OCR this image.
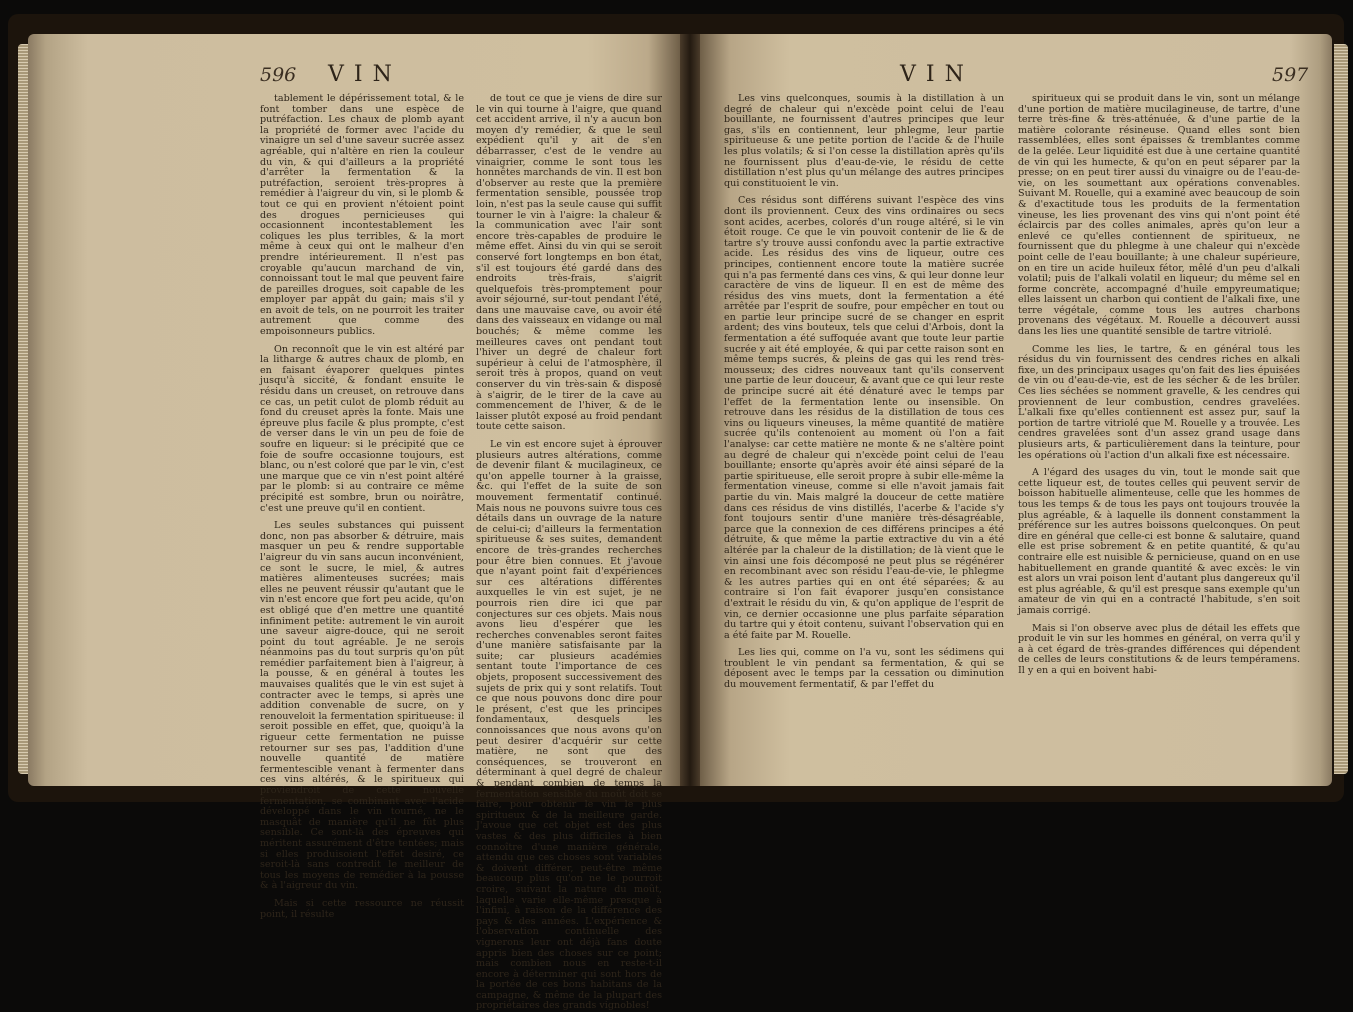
596 VIN

tablement le dépérissement total, & le font tomber dans une espèce de putréfaction. Les chaux de plomb ayant la propriété de former avec l'acide du vinaigre un sel d'une saveur sucrée assez agréable, qui n'altère en rien la couleur du vin, & qui d'ailleurs a la propriété d'arrêter la fermentation & la putréfaction, seroient très-propres à remédier à l'aigreur du vin, si le plomb & tout ce qui en provient n'étoient point des drogues pernicieuses qui occasionnent incontestablement les coliques les plus terribles, & la mort même à ceux qui ont le malheur d'en prendre intérieurement. Il n'est pas croyable qu'aucun marchand de vin, connoissant tout le mal que peuvent faire de pareilles drogues, soit capable de les employer par appât du gain; mais s'il y en avoit de tels, on ne pourroit les traiter autrement que comme des empoisonneurs publics.

On reconnoît que le vin est altéré par la litharge & autres chaux de plomb, en en faisant évaporer quelques pintes jusqu'à siccité, & fondant ensuite le résidu dans un creuset, on retrouve dans ce cas, un petit culot de plomb réduit au fond du creuset après la fonte. Mais une épreuve plus facile & plus prompte, c'est de verser dans le vin un peu de foie de soufre en liqueur: si le précipité que ce foie de soufre occasionne toujours, est blanc, ou n'est coloré que par le vin, c'est une marque que ce vin n'est point altéré par le plomb: si au contraire ce même précipité est sombre, brun ou noirâtre, c'est une preuve qu'il en contient.

Les seules substances qui puissent donc, non pas absorber & détruire, mais masquer un peu & rendre supportable l'aigreur du vin sans aucun inconvénient, ce sont le sucre, le miel, & autres matières alimenteuses sucrées; mais elles ne peuvent réussir qu'autant que le vin n'est encore que fort peu acide, qu'on est obligé que d'en mettre une quantité infiniment petite: autrement le vin auroit une saveur aigre-douce, qui ne seroit point du tout agréable. Je ne serois néanmoins pas du tout surpris qu'on pût remédier parfaitement bien à l'aigreur, à la pousse, & en général à toutes les mauvaises qualités que le vin est sujet à contracter avec le temps, si après une addition convenable de sucre, on y renouveloit la fermentation spiritueuse: il seroit possible en effet, que, quoiqu'à la rigueur cette fermentation ne puisse retourner sur ses pas, l'addition d'une nouvelle quantité de matière fermentescible venant à fermenter dans ces vins altérés, & le spiritueux qui proviendroit de cette nouvelle fermentation, se combinant avec l'acide développé dans le vin tourné, ne le masquât de manière qu'il ne fût plus sensible. Ce sont-là des épreuves qui méritent assurément d'être tentées; mais si elles produisoient l'effet desiré, ce seroit-là sans contredit le meilleur de tous les moyens de remédier à la pousse & à l'aigreur du vin.

Mais si cette ressource ne réussit point, il résulte

de tout ce que je viens de dire sur le vin qui tourne à l'aigre, que quand cet accident arrive, il n'y a aucun bon moyen d'y remédier, & que le seul expédient qu'il y ait de s'en débarrasser, c'est de le vendre au vinaigrier, comme le sont tous les honnêtes marchands de vin. Il est bon d'observer au reste que la première fermentation sensible, poussée trop loin, n'est pas la seule cause qui suffit tourner le vin à l'aigre: la chaleur & la communication avec l'air sont encore très-capables de produire le même effet. Ainsi du vin qui se seroit conservé fort longtemps en bon état, s'il est toujours été gardé dans des endroits très-frais, s'aigrit quelquefois très-promptement pour avoir séjourné, sur-tout pendant l'été, dans une mauvaise cave, ou avoir été dans des vaisseaux en vidange ou mal bouchés; & même comme les meilleures caves ont pendant tout l'hiver un degré de chaleur fort supérieur à celui de l'atmosphère, il seroit très à propos, quand on veut conserver du vin très-sain & disposé à s'aigrir, de le tirer de la cave au commencement de l'hiver, & de le laisser plutôt exposé au froid pendant toute cette saison.

Le vin est encore sujet à éprouver plusieurs autres altérations, comme de devenir filant & mucilagineux, ce qu'on appelle tourner à la graisse, &c. qui l'effet de la suite de son mouvement fermentatif continué. Mais nous ne pouvons suivre tous ces détails dans un ouvrage de la nature de celui-ci; d'ailleurs la fermentation spiritueuse & ses suites, demandent encore de très-grandes recherches pour être bien connues. Et j'avoue que n'ayant point fait d'expériences sur ces altérations différentes auxquelles le vin est sujet, je ne pourrois rien dire ici que par conjectures sur ces objets. Mais nous avons lieu d'espérer que les recherches convenables seront faites d'une manière satisfaisante par la suite; car plusieurs académies sentant toute l'importance de ces objets, proposent successivement des sujets de prix qui y sont relatifs. Tout ce que nous pouvons donc dire pour le présent, c'est que les principes fondamentaux, desquels les connoissances que nous avons qu'on peut desirer d'acquérir sur cette matière, ne sont que des conséquences, se trouveront en déterminant à quel degré de chaleur & pendant combien de temps la fermentation sensible du moût doit se faire, pour obtenir le vin le plus spiritueux & de la meilleure garde. J'avoue que cet objet est des plus vastes & des plus difficiles à bien connoître d'une manière générale, attendu que ces choses sont variables & doivent différer, peut-être même beaucoup plus qu'on ne le pourroit croire, suivant la nature du moût, laquelle varie elle-même presque à l'infini, à raison de la différence des pays & des années. L'expérience & l'observation continuelle des vignerons leur ont déjà fans doute appris bien des choses sur ce point; mais combien nous en reste-t-il encore à déterminer qui sont hors de la portée de ces bons habitans de la campagne, & même de la plupart des propriétaires des grands vignobles!

VIN	597

Les vins quelconques, soumis à la distillation à un degré de chaleur qui n'excède point celui de l'eau bouillante, ne fournissent d'autres principes que leur gas, s'ils en contiennent, leur phlegme, leur partie spiritueuse & une petite portion de l'acide & de l'huile les plus volatils; & si l'on cesse la distillation après qu'ils ne fournissent plus d'eau-de-vie, le résidu de cette distillation n'est plus qu'un mélange des autres principes qui constituoient le vin.

Ces résidus sont différens suivant l'espèce des vins dont ils proviennent. Ceux des vins ordinaires ou secs sont acides, acerbes, colorés d'un rouge altéré, si le vin étoit rouge. Ce que le vin pouvoit contenir de lie & de tartre s'y trouve aussi confondu avec la partie extractive acide. Les résidus des vins de liqueur, outre ces principes, contiennent encore toute la matière sucrée qui n'a pas fermenté dans ces vins, & qui leur donne leur caractère de vins de liqueur. Il en est de même des résidus des vins muets, dont la fermentation a été arrêtée par l'esprit de soufre, pour empêcher en tout ou en partie leur principe sucré de se changer en esprit ardent; des vins bouteux, tels que celui d'Arbois, dont la fermentation a été suffoquée avant que toute leur partie sucrée y ait été employée, & qui par cette raison sont en même temps sucrés, & pleins de gas qui les rend très-mousseux; des cidres nouveaux tant qu'ils conservent une partie de leur douceur, & avant que ce qui leur reste de principe sucré ait été dénaturé avec le temps par l'effet de la fermentation lente ou insensible. On retrouve dans les résidus de la distillation de tous ces vins ou liqueurs vineuses, la même quantité de matière sucrée qu'ils contenoient au moment où l'on a fait l'analyse: car cette matière ne monte & ne s'altère point au degré de chaleur qui n'excède point celui de l'eau bouillante; ensorte qu'après avoir été ainsi séparé de la partie spiritueuse, elle seroit propre à subir elle-même la fermentation vineuse, comme si elle n'avoit jamais fait partie du vin. Mais malgré la douceur de cette matière dans ces résidus de vins distillés, l'acerbe & l'acide s'y font toujours sentir d'une manière très-désagréable, parce que la connexion de ces différens principes a été détruite, & que même la partie extractive du vin a été altérée par la chaleur de la distillation; de là vient que le vin ainsi une fois décomposé ne peut plus se régénérer en recombinant avec son résidu l'eau-de-vie, le phlegme & les autres parties qui en ont été séparées; & au contraire si l'on fait évaporer jusqu'en consistance d'extrait le résidu du vin, & qu'on applique de l'esprit de vin, ce dernier occasionne une plus parfaite séparation du tartre qui y étoit contenu, suivant l'observation qui en a été faite par M. Rouelle.

Les lies qui, comme on l'a vu, sont les sédimens qui troublent le vin pendant sa fermentation, & qui se déposent avec le temps par la cessation ou diminution du mouvement fermentatif, & par l'effet du

spiritueux qui se produit dans le vin, sont un mélange d'une portion de matière mucilagineuse, de tartre, d'une terre très-fine & très-atténuée, & d'une partie de la matière colorante résineuse. Quand elles sont bien rassemblées, elles sont épaisses & tremblantes comme de la gelée. Leur liquidité est due à une certaine quantité de vin qui les humecte, & qu'on en peut séparer par la presse; on en peut tirer aussi du vinaigre ou de l'eau-de-vie, on les soumettant aux opérations convenables. Suivant M. Rouelle, qui a examiné avec beaucoup de soin & d'exactitude tous les produits de la fermentation vineuse, les lies provenant des vins qui n'ont point été éclaircis par des colles animales, après qu'on leur a enlevé ce qu'elles contiennent de spiritueux, ne fournissent que du phlegme à une chaleur qui n'excède point celle de l'eau bouillante; à une chaleur supérieure, on en tire un acide huileux fétor, mêlé d'un peu d'alkali volatil; puis de l'alkali volatil en liqueur; du même sel en forme concrète, accompagné d'huile empyreumatique; elles laissent un charbon qui contient de l'alkali fixe, une terre végétale, comme tous les autres charbons provenans des végétaux. M. Rouelle a découvert aussi dans les lies une quantité sensible de tartre vitriolé.

Comme les lies, le tartre, & en général tous les résidus du vin fournissent des cendres riches en alkali fixe, un des principaux usages qu'on fait des lies épuisées de vin ou d'eau-de-vie, est de les sécher & de les brûler. Ces lies séchées se nomment gravelle, & les cendres qui proviennent de leur combustion, cendres gravelées. L'alkali fixe qu'elles contiennent est assez pur, sauf la portion de tartre vitriolé que M. Rouelle y a trouvée. Les cendres gravelées sont d'un assez grand usage dans plusieurs arts, & particulièrement dans la teinture, pour les opérations où l'action d'un alkali fixe est nécessaire.

A l'égard des usages du vin, tout le monde sait que cette liqueur est, de toutes celles qui peuvent servir de boisson habituelle alimenteuse, celle que les hommes de tous les temps & de tous les pays ont toujours trouvée la plus agréable, & à laquelle ils donnent constamment la préférence sur les autres boissons quelconques. On peut dire en général que celle-ci est bonne & salutaire, quand elle est prise sobrement & en petite quantité, & qu'au contraire elle est nuisible & pernicieuse, quand on en use habituellement en grande quantité & avec excès: le vin est alors un vrai poison lent d'autant plus dangereux qu'il est plus agréable, & qu'il est presque sans exemple qu'un amateur de vin qui en a contracté l'habitude, s'en soit jamais corrigé.

Mais si l'on observe avec plus de détail les effets que produit le vin sur les hommes en général, on verra qu'il y a à cet égard de très-grandes différences qui dépendent de celles de leurs constitutions & de leurs tempéramens. Il y en a qui en boivent habi-
